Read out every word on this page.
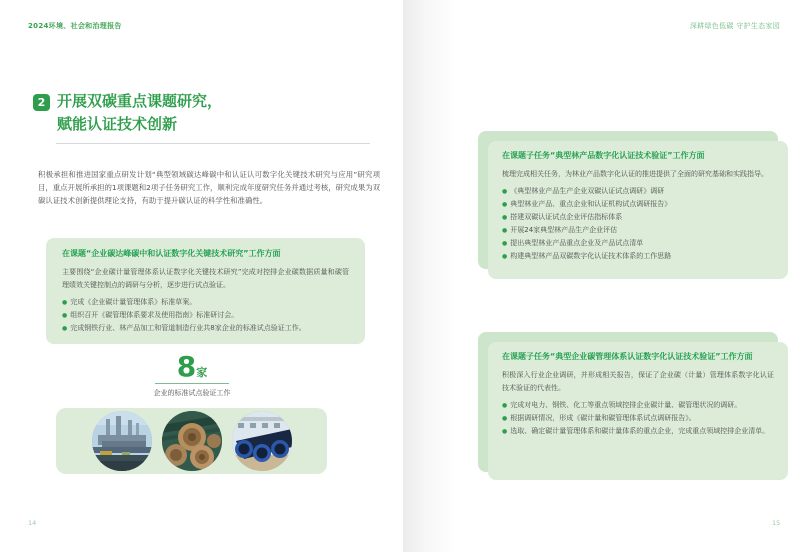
2024环境、社会和治理报告	深耕绿色低碳 守护生态家园
2 开展双碳重点课题研究，
赋能认证技术创新

积极承担和推进国家重点研发计划“典型领域碳达峰碳中和认证认可数字化关键技术研究与应用”研究项目，重点开展所承担的1项课题和2项子任务研究工作，顺利完成年度研究任务并通过考核，研究成果为双碳认证技术创新提供理论支持，有助于提升碳认证的科学性和准确性。

在课题“企业碳达峰碳中和认证数字化关键技术研究”工作方面

主要围绕“企业碳计量管理体系认证数字化关键技术研究”完成对控排企业碳数据质量和碳管理绩效关键控制点的调研与分析，逐步进行试点验证。

● 完成《企业碳计量管理体系》标准草案。
● 组织召开《碳管理体系要求及使用指南》标准研讨会。
● 完成钢铁行业、林产品加工和管道制造行业共8家企业的标准试点验证工作。
8家
企业的标准试点验证工作
14
在课题子任务“典型林产品数字化认证技术验证”工作方面

梳理完成相关任务，为林业产品数字化认证的推进提供了全面的研究基础和实践指导。

● 《典型林业产品生产企业双碳认证试点调研》调研
● 典型林业产品、重点企业和认证机构试点调研报告》
● 搭建双碳认证试点企业评估指标体系
● 开展24家典型林产品生产企业评估
● 提出典型林业产品重点企业及产品试点清单
● 构建典型林产品双碳数字化认证技术体系的工作思路
在课题子任务“典型企业碳管理体系认证数字化认证技术验证”工作方面

积极深入行业企业调研，并形成相关报告，保证了企业碳（计量）管理体系数字化认证技术验证的代表性。

● 完成对电力、钢铁、化工等重点领域控排企业碳计量、碳管理状况的调研。
● 根据调研情况，形成《碳计量和碳管理体系试点调研报告》。
● 选取、确定碳计量管理体系和碳计量体系的重点企业，完成重点领域控排企业清单。
15
